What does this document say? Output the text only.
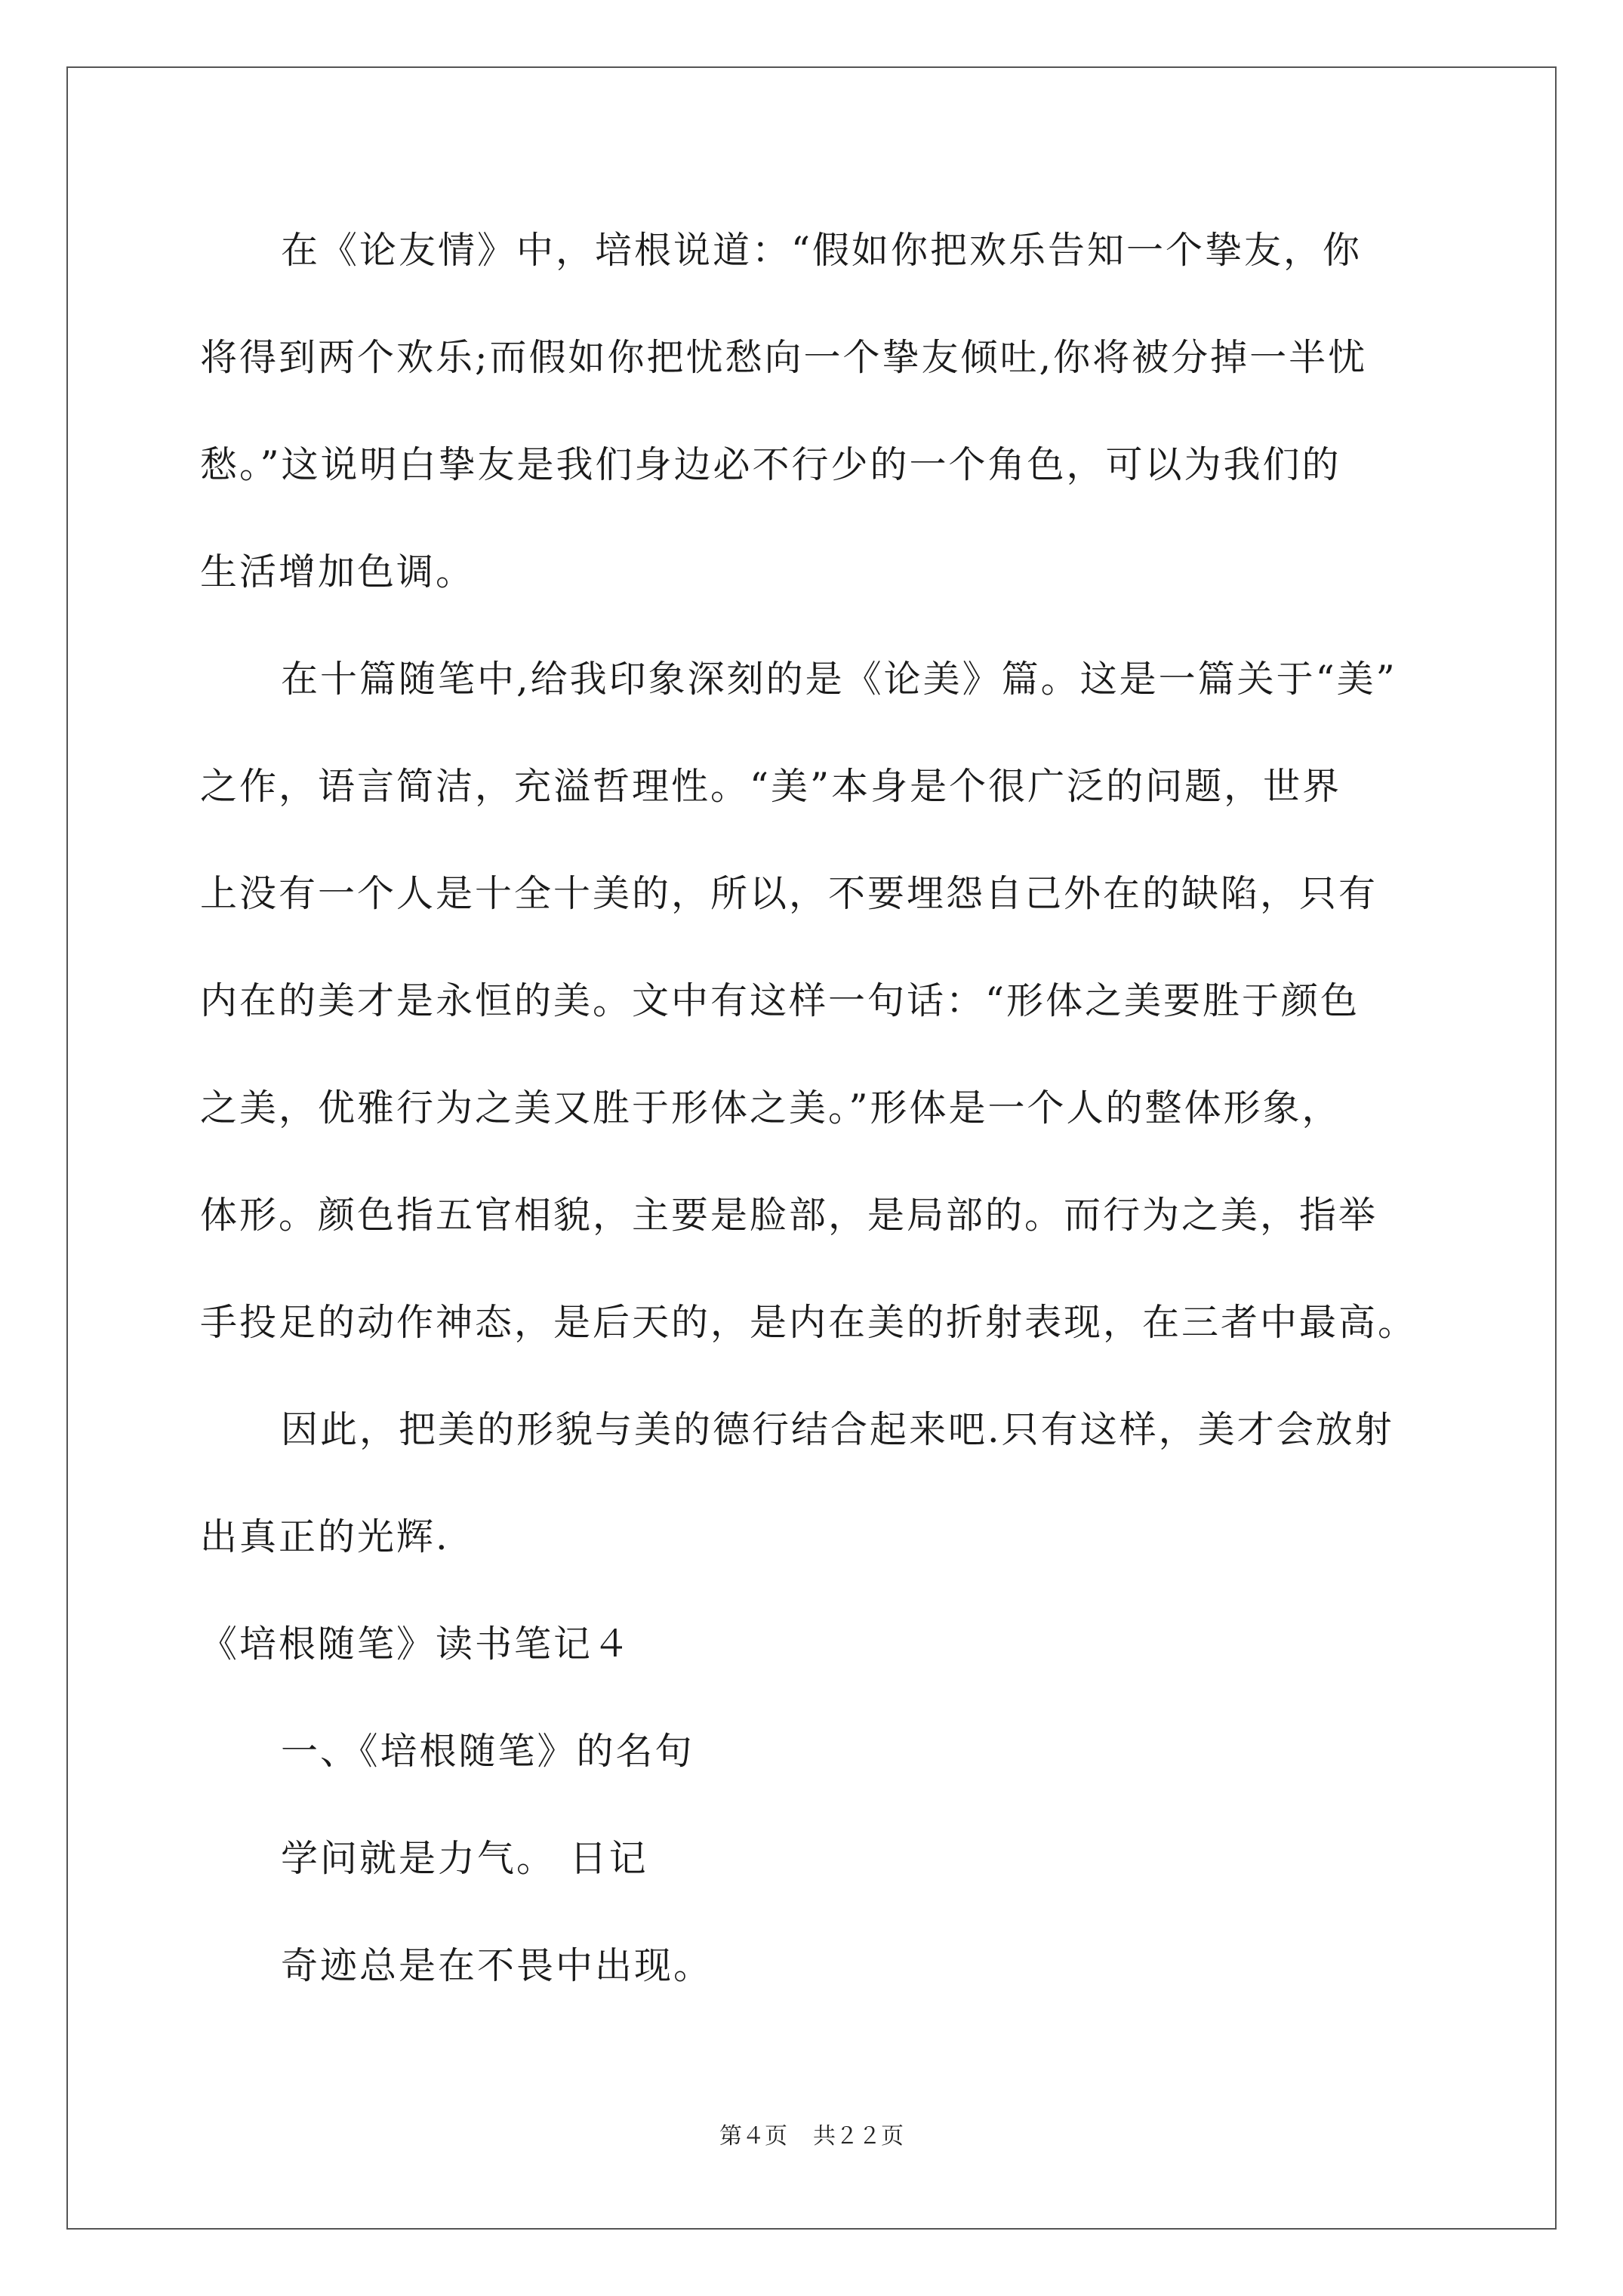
在《论友情》中，培根说道：“假如你把欢乐告知一个挚友，你
将得到两个欢乐;而假如你把忧愁向一个挚友倾吐,你将被分掉一半忧
愁。”这说明白挚友是我们身边必不行少的一个角色，可以为我们的
生活增加色调。
在十篇随笔中,给我印象深刻的是《论美》篇。这是一篇关于“美”
之作，语言简洁，充溢哲理性。“美”本身是个很广泛的问题，世界
上没有一个人是十全十美的，所以，不要埋怨自己外在的缺陷，只有
内在的美才是永恒的美。文中有这样一句话：“形体之美要胜于颜色
之美，优雅行为之美又胜于形体之美。”形体是一个人的整体形象，
体形。颜色指五官相貌，主要是脸部，是局部的。而行为之美，指举
手投足的动作神态，是后天的，是内在美的折射表现，在三者中最高。
因此，把美的形貌与美的德行结合起来吧.只有这样，美才会放射
出真正的光辉.
《培根随笔》读书笔记４
一、《培根随笔》的名句
学问就是力气。 日记
奇迹总是在不畏中出现。
第４页 共２２页
